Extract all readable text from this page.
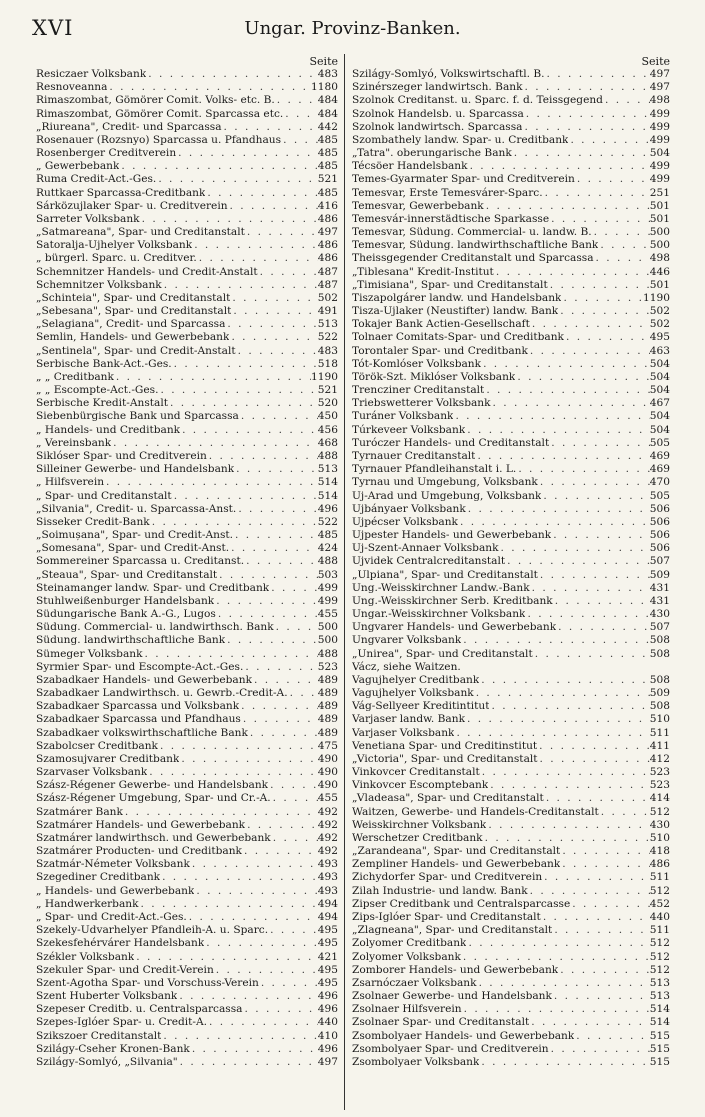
XVI	Ungar. Provinz-Banken.
Seite
Resiczaer Volksbank . . .	483
Resnoveanna . . .	1180
Rimaszombat, Gömörer Comit. Volks- etc. B. . . .	484
Rimaszombat, Gömörer Comit. Sparcassa etc. . . .	484
„Riureana", Credit- und Sparcassa . . .	442
Rosenauer (Rozsnyo) Sparcassa u. Pfandhaus . . .	485
Rosenberger Creditverein . . .	485
„ Gewerbebank . . .	485
Ruma Credit-Act.-Ges. . . .	521
Ruttkaer Sparcassa-Creditbank . . .	485
Sárközujlaker Spar- u. Creditverein . . .	416
Sarreter Volksbank . . .	486
„Satmareana", Spar- und Creditanstalt . . .	497
Satoralja-Ujhelyer Volksbank . . .	486
„ bürgerl. Sparc. u. Creditver. . . .	486
Schemnitzer Handels- und Credit-Anstalt . . .	487
Schemnitzer Volksbank . . .	487
„Schinteia", Spar- und Creditanstalt . . .	502
„Sebesana", Spar- und Creditanstalt . . .	491
„Selagiana", Credit- und Sparcassa . . .	513
Semlin, Handels- und Gewerbebank . . .	522
„Sentinela", Spar- und Credit-Anstalt . . .	483
Serbische Bank-Act.-Ges. . . .	518
„ „ Creditbank . . .	1190
„ „ Escompte-Act.-Ges. . . .	521
Serbische Kredit-Anstalt . . .	520
Siebenbürgische Bank und Sparcassa . . .	450
„ Handels- und Creditbank . . .	456
„ Vereinsbank . . .	468
Siklóser Spar- und Creditverein . . .	488
Silleiner Gewerbe- und Handelsbank . . .	513
„ Hilfsverein . . .	514
„ Spar- und Creditanstalt . . .	514
„Silvania", Credit- u. Sparcassa-Anst. . . .	496
Sisseker Credit-Bank . . .	522
„Soimușana", Spar- und Credit-Anst. . . .	485
„Somesana", Spar- und Credit-Anst. . . .	424
Sommereiner Sparcassa u. Creditanst. . . .	488
„Steaua", Spar- und Creditanstalt . . .	503
Steinamanger landw. Spar- und Creditbank . . .	499
Stuhlweißenburger Handelsbank . . .	499
Südungarische Bank A.-G., Lugos . . .	455
Südung. Commercial- u. landwirthsch. Bank . . .	500
Südung. landwirthschaftliche Bank . . .	500
Sümeger Volksbank . . .	488
Syrmier Spar- und Escompte-Act.-Ges. . . .	523
Szabadkaer Handels- und Gewerbebank . . .	489
Szabadkaer Landwirthsch. u. Gewrb.-Credit-A. . . .	489
Szabadkaer Sparcassa und Volksbank . . .	489
Szabadkaer Sparcassa und Pfandhaus . . .	489
Szabadkaer volkswirthschaftliche Bank . . .	489
Szabolcser Creditbank . . .	475
Szamosujvarer Creditbank . . .	490
Szarvaser Volksbank . . .	490
Szász-Régener Gewerbe- und Handelsbank . . .	490
Szász-Régener Umgebung, Spar- und Cr.-A. . . .	455
Szatmárer Bank . . .	492
Szatmárer Handels- und Gewerbebank . . .	492
Szatmárer landwirthsch. und Gewerbebank . . .	492
Szatmárer Producten- und Creditbank . . .	492
Szatmár-Németer Volksbank . . .	493
Szegediner Creditbank . . .	493
„ Handels- und Gewerbebank . . .	493
„ Handwerkerbank . . .	494
„ Spar- und Credit-Act.-Ges. . . .	494
Szekely-Udvarhelyer Pfandleih-A. u. Sparc. . . .	495
Szekesfehérvárer Handelsbank . . .	495
Székler Volksbank . . .	421
Szekuler Spar- und Credit-Verein . . .	495
Szent-Agotha Spar- und Vorschuss-Verein . . .	495
Szent Huberter Volksbank . . .	496
Szepeser Creditb. u. Centralsparcassa . . .	496
Szepes-Iglóer Spar- u. Credit-A. . . .	440
Szikszoer Creditanstalt . . .	410
Szilágy-Cseher Kronen-Bank . . .	496
Szilágy-Somlyó, „Silvania" . . .	497
Seite
Szilágy-Somlyó, Volkswirtschaftl. B. . . .	497
Szinérszeger landwirtsch. Bank . . .	497
Szolnok Creditanst. u. Sparc. f. d. Teissgegend . . .	498
Szolnok Handelsb. u. Sparcassa . . .	499
Szolnok landwirtsch. Sparcassa . . .	499
Szombathely landw. Spar- u. Creditbank . . .	499
„Tatra". oberungarische Bank . . .	504
Técsöer Handelsbank . . .	499
Temes-Gyarmater Spar- und Creditverein . . .	499
Temesvar, Erste Temesvárer-Sparc. . . .	251
Temesvar, Gewerbebank . . .	501
Temesvár-innerstädtische Sparkasse . . .	501
Temesvar, Südung. Commercial- u. landw. B. . . .	500
Temesvar, Südung. landwirthschaftliche Bank . . .	500
Theissgegender Creditanstalt und Sparcassa . . .	498
„Tiblesana" Kredit-Institut . . .	446
„Timisiana", Spar- und Creditanstalt . . .	501
Tiszapolgárer landw. und Handelsbank . . .	1190
Tisza-Ujlaker (Neustifter) landw. Bank . . .	502
Tokajer Bank Actien-Gesellschaft . . .	502
Tolnaer Comitats-Spar- und Creditbank . . .	495
Torontaler Spar- und Creditbank . . .	463
Tót-Komlóser Volksbank . . .	504
Török-Szt. Miklóser Volksbank . . .	504
Trencziner Creditanstalt . . .	504
Triebswetterer Volksbank . . .	467
Turáner Volksbank . . .	504
Túrkeveer Volksbank . . .	504
Turóczer Handels- und Creditanstalt . . .	505
Tyrnauer Creditanstalt . . .	469
Tyrnauer Pfandleihanstalt i. L. . . .	469
Tyrnau und Umgebung, Volksbank . . .	470
Uj-Arad und Umgebung, Volksbank . . .	505
Ujbányaer Volksbank . . .	506
Ujpécser Volksbank . . .	506
Ujpester Handels- und Gewerbebank . . .	506
Uj-Szent-Annaer Volksbank . . .	506
Ujvidek Centralcreditanstalt . . .	507
„Ulpiana", Spar- und Creditanstalt . . .	509
Ung.-Weisskirchner Landw.-Bank . . .	431
Ung.-Weisskirchner Serb. Kreditbank . . .	431
Ungar.-Weisskirchner Volksbank . . .	430
Ungvarer Handels- und Gewerbebank . . .	507
Ungvarer Volksbank . . .	508
„Unirea", Spar- und Creditanstalt . . .	508
Vácz, siehe Waitzen.
Vagujhelyer Creditbank . . .	508
Vagujhelyer Volksbank . . .	509
Vág-Sellyeer Kreditintitut . . .	508
Varjaser landw. Bank . . .	510
Varjaser Volksbank . . .	511
Venetiana Spar- und Creditinstitut . . .	411
„Victoria", Spar- und Creditanstalt . . .	412
Vinkovcer Creditanstalt . . .	523
Vinkovcer Escomptebank . . .	523
„Vladeasa", Spar- und Creditanstalt . . .	414
Waitzen, Gewerbe- und Handels-Creditanstalt . . .	512
Weisskirchner Volksbank . . .	430
Werschetzer Creditbank . . .	510
„Zarandeana", Spar- und Creditanstalt . . .	418
Zempliner Handels- und Gewerbebank . . .	486
Zichydorfer Spar- und Creditverein . . .	511
Zilah Industrie- und landw. Bank . . .	512
Zipser Creditbank und Centralsparcasse . . .	452
Zips-Iglóer Spar- und Creditanstalt . . .	440
„Zlagneana", Spar- und Creditanstalt . . .	511
Zolyomer Creditbank . . .	512
Zolyomer Volksbank . . .	512
Zomborer Handels- und Gewerbebank . . .	512
Zsarnóczaer Volksbank . . .	513
Zsolnaer Gewerbe- und Handelsbank . . .	513
Zsolnaer Hilfsverein . . .	514
Zsolnaer Spar- und Creditanstalt . . .	514
Zsombolyaer Handels- und Gewerbebank . . .	515
Zsombolyaer Spar- und Creditverein . . .	515
Zsombolyaer Volksbank . . .	515
